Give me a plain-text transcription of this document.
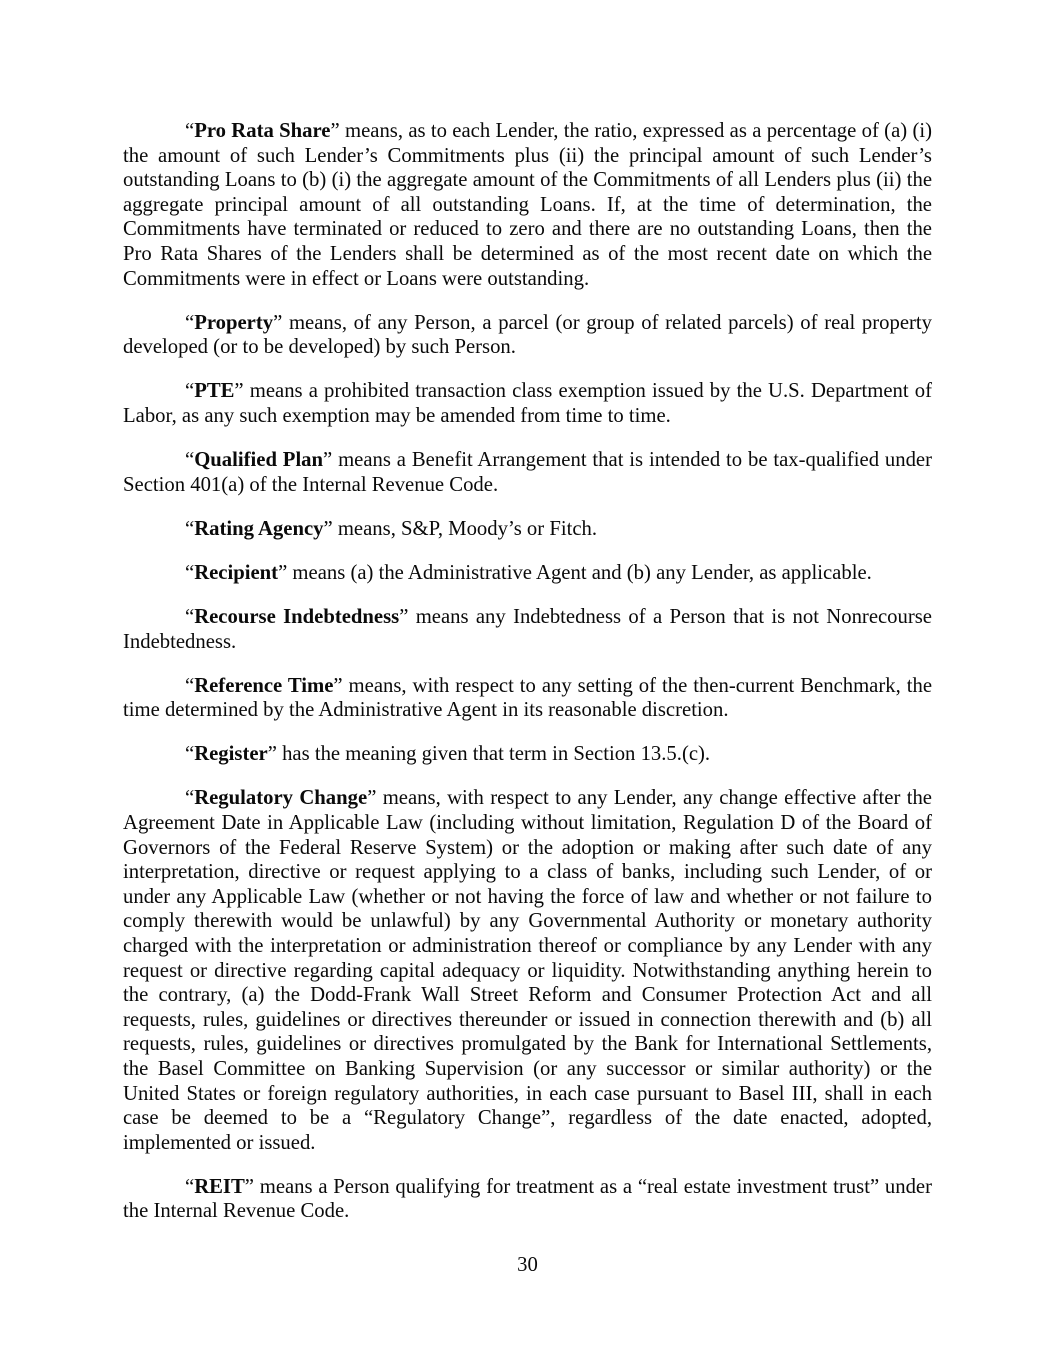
“Pro Rata Share” means, as to each Lender, the ratio, expressed as a percentage of (a) (i) the amount of such Lender’s Commitments plus (ii) the principal amount of such Lender’s outstanding Loans to (b) (i) the aggregate amount of the Commitments of all Lenders plus (ii) the aggregate principal amount of all outstanding Loans. If, at the time of determination, the Commitments have terminated or reduced to zero and there are no outstanding Loans, then the Pro Rata Shares of the Lenders shall be determined as of the most recent date on which the Commitments were in effect or Loans were outstanding.

“Property” means, of any Person, a parcel (or group of related parcels) of real property developed (or to be developed) by such Person.

“PTE” means a prohibited transaction class exemption issued by the U.S. Department of Labor, as any such exemption may be amended from time to time.

“Qualified Plan” means a Benefit Arrangement that is intended to be tax-qualified under Section 401(a) of the Internal Revenue Code.

“Rating Agency” means, S&P, Moody’s or Fitch.

“Recipient” means (a) the Administrative Agent and (b) any Lender, as applicable.

“Recourse Indebtedness” means any Indebtedness of a Person that is not Nonrecourse Indebtedness.

“Reference Time” means, with respect to any setting of the then-current Benchmark, the time determined by the Administrative Agent in its reasonable discretion.

“Register” has the meaning given that term in Section 13.5.(c).

“Regulatory Change” means, with respect to any Lender, any change effective after the Agreement Date in Applicable Law (including without limitation, Regulation D of the Board of Governors of the Federal Reserve System) or the adoption or making after such date of any interpretation, directive or request applying to a class of banks, including such Lender, of or under any Applicable Law (whether or not having the force of law and whether or not failure to comply therewith would be unlawful) by any Governmental Authority or monetary authority charged with the interpretation or administration thereof or compliance by any Lender with any request or directive regarding capital adequacy or liquidity. Notwithstanding anything herein to the contrary, (a) the Dodd-Frank Wall Street Reform and Consumer Protection Act and all requests, rules, guidelines or directives thereunder or issued in connection therewith and (b) all requests, rules, guidelines or directives promulgated by the Bank for International Settlements, the Basel Committee on Banking Supervision (or any successor or similar authority) or the United States or foreign regulatory authorities, in each case pursuant to Basel III, shall in each case be deemed to be a “Regulatory Change”, regardless of the date enacted, adopted, implemented or issued.

“REIT” means a Person qualifying for treatment as a “real estate investment trust” under the Internal Revenue Code.

30
